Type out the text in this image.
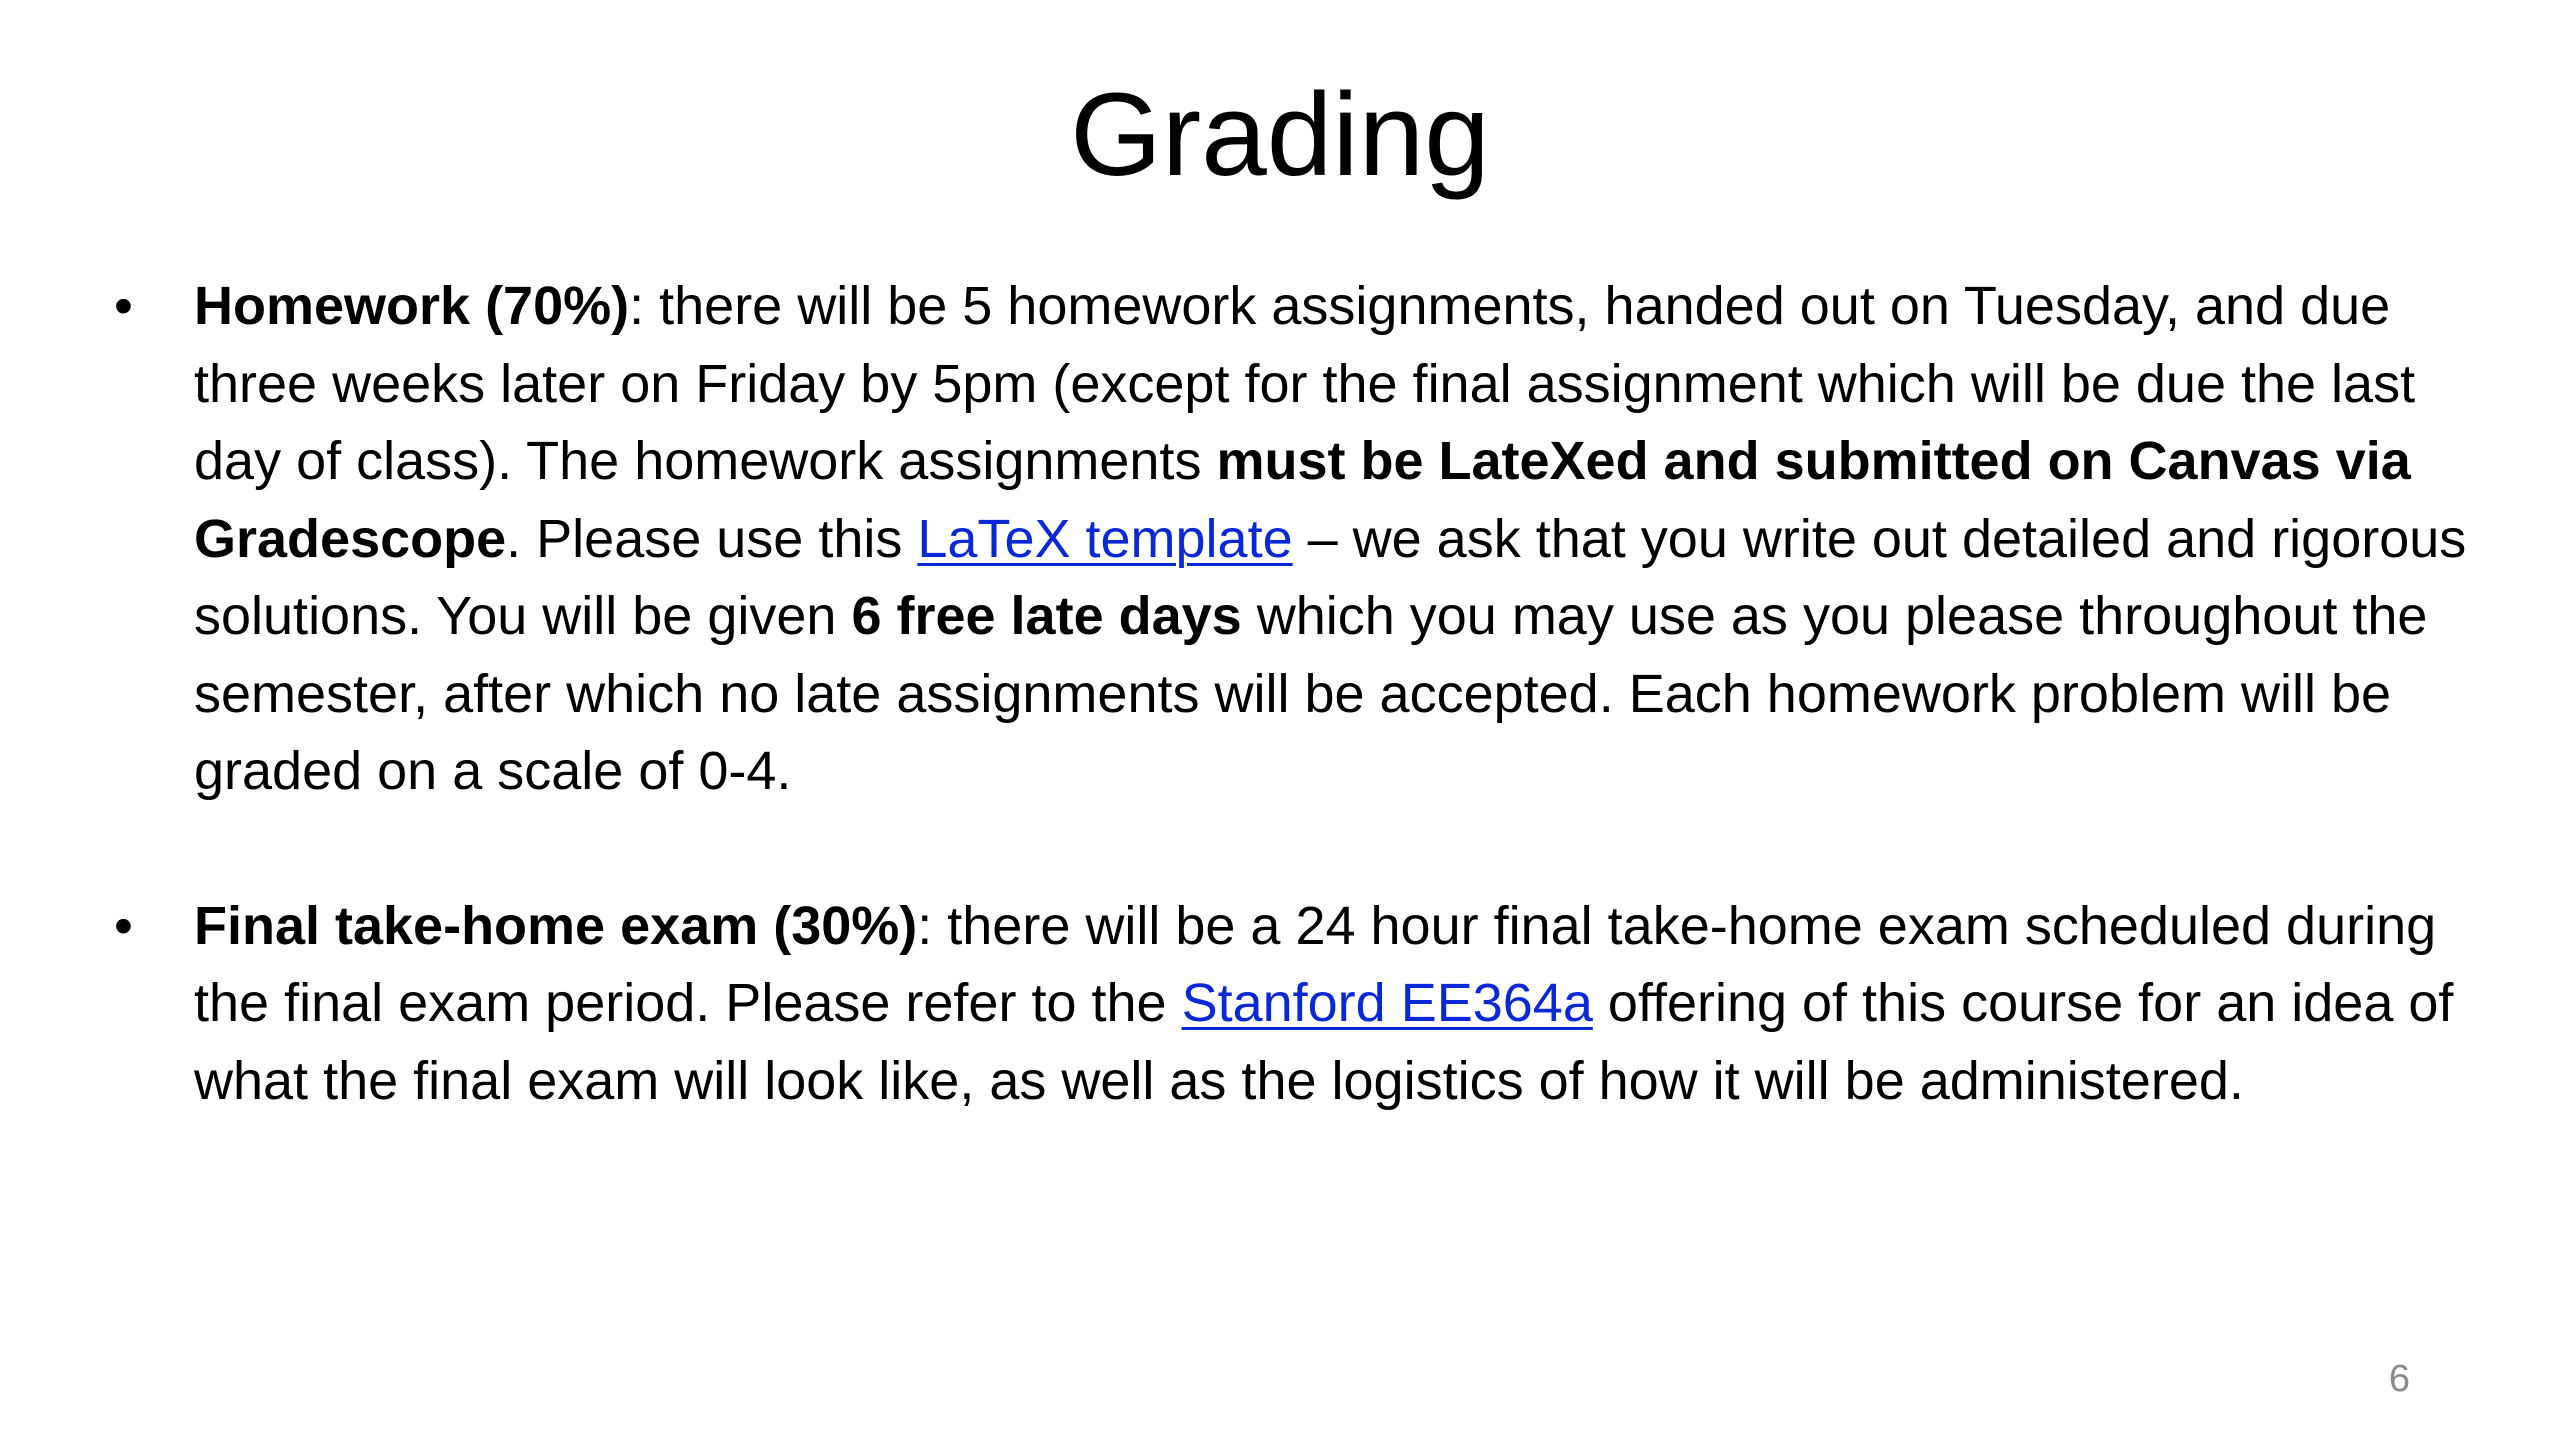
Grading
• Homework (70%): there will be 5 homework assignments, handed out on Tuesday, and due three weeks later on Friday by 5pm (except for the final assignment which will be due the last day of class). The homework assignments must be LateXed and submitted on Canvas via Gradescope. Please use this LaTeX template – we ask that you write out detailed and rigorous solutions. You will be given 6 free late days which you may use as you please throughout the semester, after which no late assignments will be accepted. Each homework problem will be graded on a scale of 0-4.
• Final take-home exam (30%): there will be a 24 hour final take-home exam scheduled during the final exam period. Please refer to the Stanford EE364a offering of this course for an idea of what the final exam will look like, as well as the logistics of how it will be administered.
6
